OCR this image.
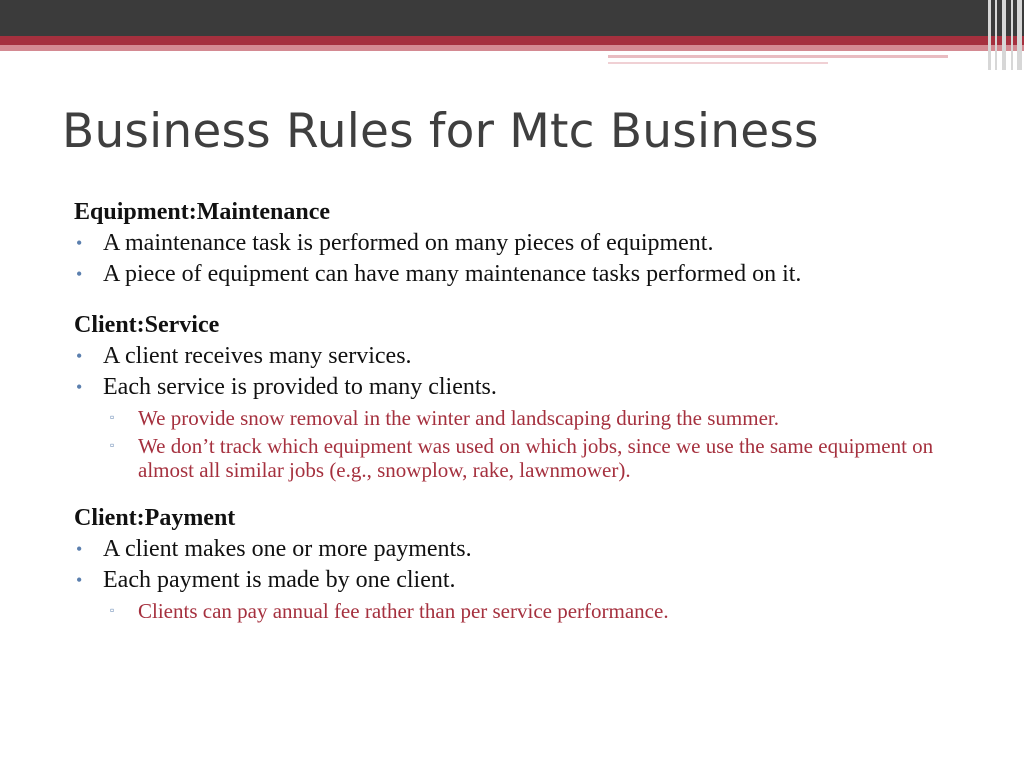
Business Rules for Mtc Business

Equipment:Maintenance

• A maintenance task is performed on many pieces of equipment.
• A piece of equipment can have many maintenance tasks performed on it.

Client:Service

• A client receives many services.
• Each service is provided to many clients.
▫ We provide snow removal in the winter and landscaping during the summer.
▫ We don’t track which equipment was used on which jobs, since we use the same equipment on almost all similar jobs (e.g., snowplow, rake, lawnmower).

Client:Payment

• A client makes one or more payments.
• Each payment is made by one client.
▫ Clients can pay annual fee rather than per service performance.
